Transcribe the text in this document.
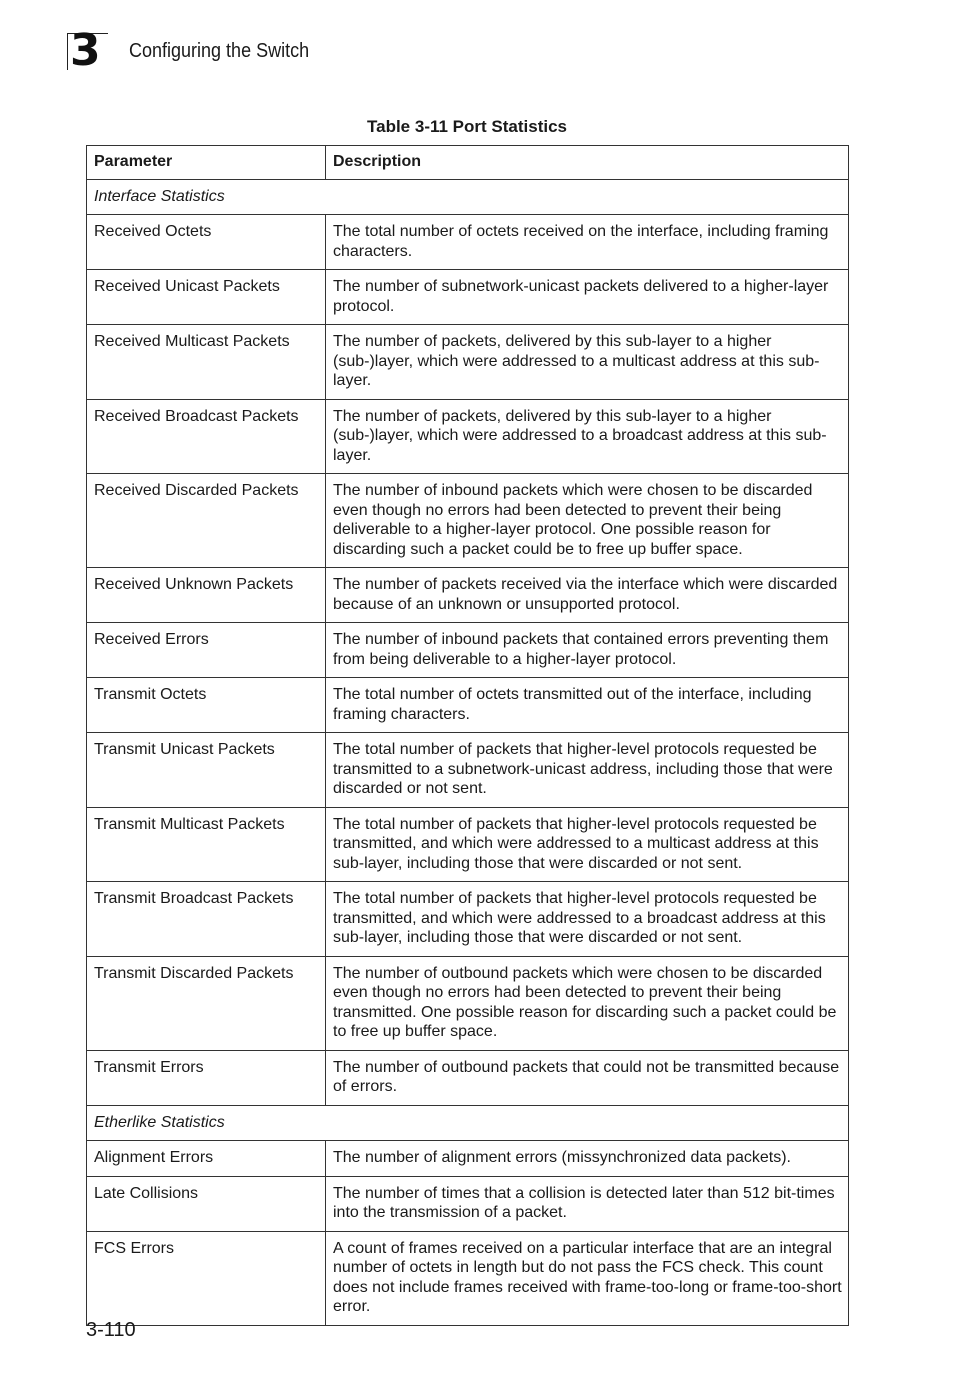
3 Configuring the Switch
Table 3-11 Port Statistics
Parameter	Description
Interface Statistics	
Received Octets	The total number of octets received on the interface, including framing characters.
Received Unicast Packets	The number of subnetwork-unicast packets delivered to a higher-layer protocol.
Received Multicast Packets	The number of packets, delivered by this sub-layer to a higher (sub-)layer, which were addressed to a multicast address at this sub-layer.
Received Broadcast Packets	The number of packets, delivered by this sub-layer to a higher (sub-)layer, which were addressed to a broadcast address at this sub-layer.
Received Discarded Packets	The number of inbound packets which were chosen to be discarded even though no errors had been detected to prevent their being deliverable to a higher-layer protocol. One possible reason for discarding such a packet could be to free up buffer space.
Received Unknown Packets	The number of packets received via the interface which were discarded because of an unknown or unsupported protocol.
Received Errors	The number of inbound packets that contained errors preventing them from being deliverable to a higher-layer protocol.
Transmit Octets	The total number of octets transmitted out of the interface, including framing characters.
Transmit Unicast Packets	The total number of packets that higher-level protocols requested be transmitted to a subnetwork-unicast address, including those that were discarded or not sent.
Transmit Multicast Packets	The total number of packets that higher-level protocols requested be transmitted, and which were addressed to a multicast address at this sub-layer, including those that were discarded or not sent.
Transmit Broadcast Packets	The total number of packets that higher-level protocols requested be transmitted, and which were addressed to a broadcast address at this sub-layer, including those that were discarded or not sent.
Transmit Discarded Packets	The number of outbound packets which were chosen to be discarded even though no errors had been detected to prevent their being transmitted. One possible reason for discarding such a packet could be to free up buffer space.
Transmit Errors	The number of outbound packets that could not be transmitted because of errors.
Etherlike Statistics	
Alignment Errors	The number of alignment errors (missynchronized data packets).
Late Collisions	The number of times that a collision is detected later than 512 bit-times into the transmission of a packet.
FCS Errors	A count of frames received on a particular interface that are an integral number of octets in length but do not pass the FCS check. This count does not include frames received with frame-too-long or frame-too-short error.
3-110
